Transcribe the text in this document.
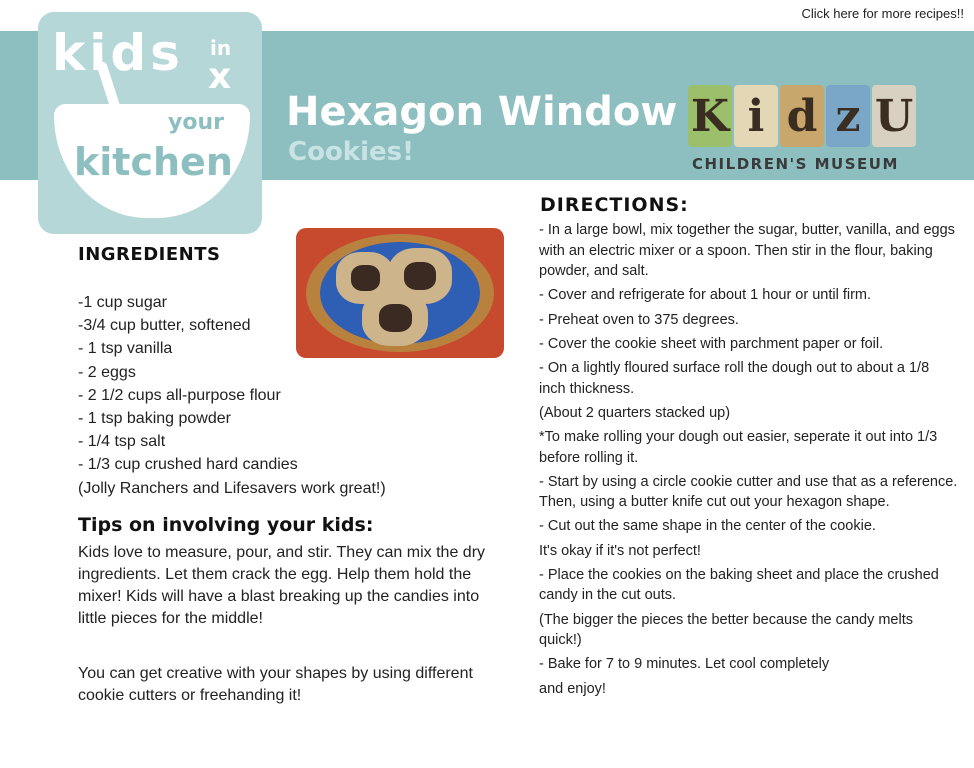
Click here for more recipes!!
Hexagon Window
Cookies!
K i d z U
CHILDREN'S MUSEUM
kids in
x
your
kitchen
INGREDIENTS
-1 cup sugar
-3/4 cup butter, softened
- 1 tsp vanilla
- 2 eggs
- 2 1/2 cups all-purpose flour
- 1 tsp baking powder
- 1/4 tsp salt
- 1/3 cup crushed hard candies
(Jolly Ranchers and Lifesavers work great!)
Tips on involving your kids:

Kids love to measure, pour, and stir. They can mix the dry ingredients. Let them crack the egg. Help them hold the mixer! Kids will have a blast breaking up the candies into little pieces for the middle!

You can get creative with your shapes by using different cookie cutters or freehanding it!

DIRECTIONS:
- In a large bowl, mix together the sugar, butter, vanilla, and eggs with an electric mixer or a spoon. Then stir in the flour, baking powder, and salt.
- Cover and refrigerate for about 1 hour or until firm.
- Preheat oven to 375 degrees.
- Cover the cookie sheet with parchment paper or foil.
- On a lightly floured surface roll the dough out to about a 1/8 inch thickness.
(About 2 quarters stacked up)
*To make rolling your dough out easier, seperate it out into 1/3 before rolling it.
- Start by using a circle cookie cutter and use that as a reference. Then, using a butter knife cut out your hexagon shape.
- Cut out the same shape in the center of the cookie.
It's okay if it's not perfect!
- Place the cookies on the baking sheet and place the crushed candy in the cut outs.
(The bigger the pieces the better because the candy melts quick!)
- Bake for 7 to 9 minutes. Let cool completely
and enjoy!
